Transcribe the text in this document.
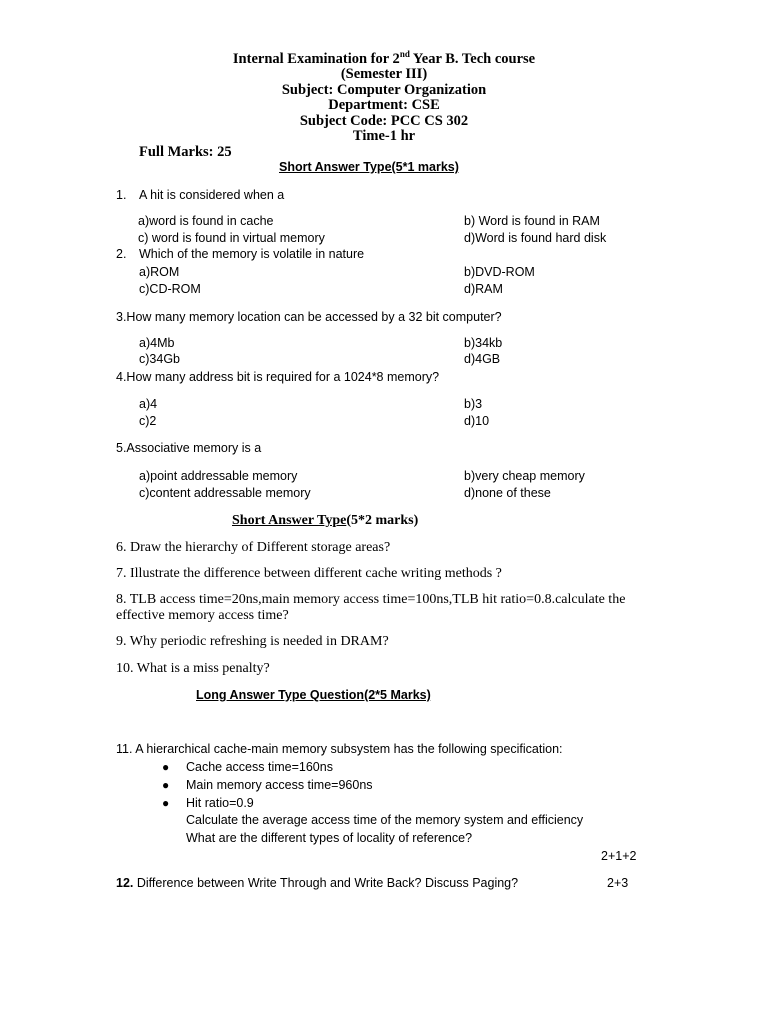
Internal Examination for 2nd Year B. Tech course
(Semester III)
Subject: Computer Organization
Department: CSE
Subject Code: PCC CS 302
Time-1 hr
Full Marks: 25
Short Answer Type(5*1 marks)
1. A hit is considered when a
a)word is found in cache	b) Word is found in RAM
c) word is found in virtual memory	d)Word is found hard disk
2. Which of the memory is volatile in nature
a)ROM	b)DVD-ROM
c)CD-ROM	d)RAM
3.How many memory location can be accessed by a 32 bit computer?
a)4Mb	b)34kb
c)34Gb	d)4GB
4.How many address bit is required for a 1024*8 memory?
a)4	b)3
c)2	d)10
5.Associative memory is a
a)point addressable memory	b)very cheap memory
c)content addressable memory	d)none of these
Short Answer Type(5*2 marks)
6. Draw the hierarchy of Different storage areas?
7. Illustrate the difference between different cache writing methods ?
8. TLB access time=20ns,main memory access time=100ns,TLB hit ratio=0.8.calculate the
effective memory access time?
9. Why periodic refreshing is needed in DRAM?
10. What is a miss penalty?
Long Answer Type Question(2*5 Marks)
11. A hierarchical cache-main memory subsystem has the following specification:
● Cache access time=160ns
● Main memory access time=960ns
● Hit ratio=0.9
Calculate the average access time of the memory system and efficiency
What are the different types of locality of reference?
2+1+2
12. Difference between Write Through and Write Back? Discuss Paging?	2+3
